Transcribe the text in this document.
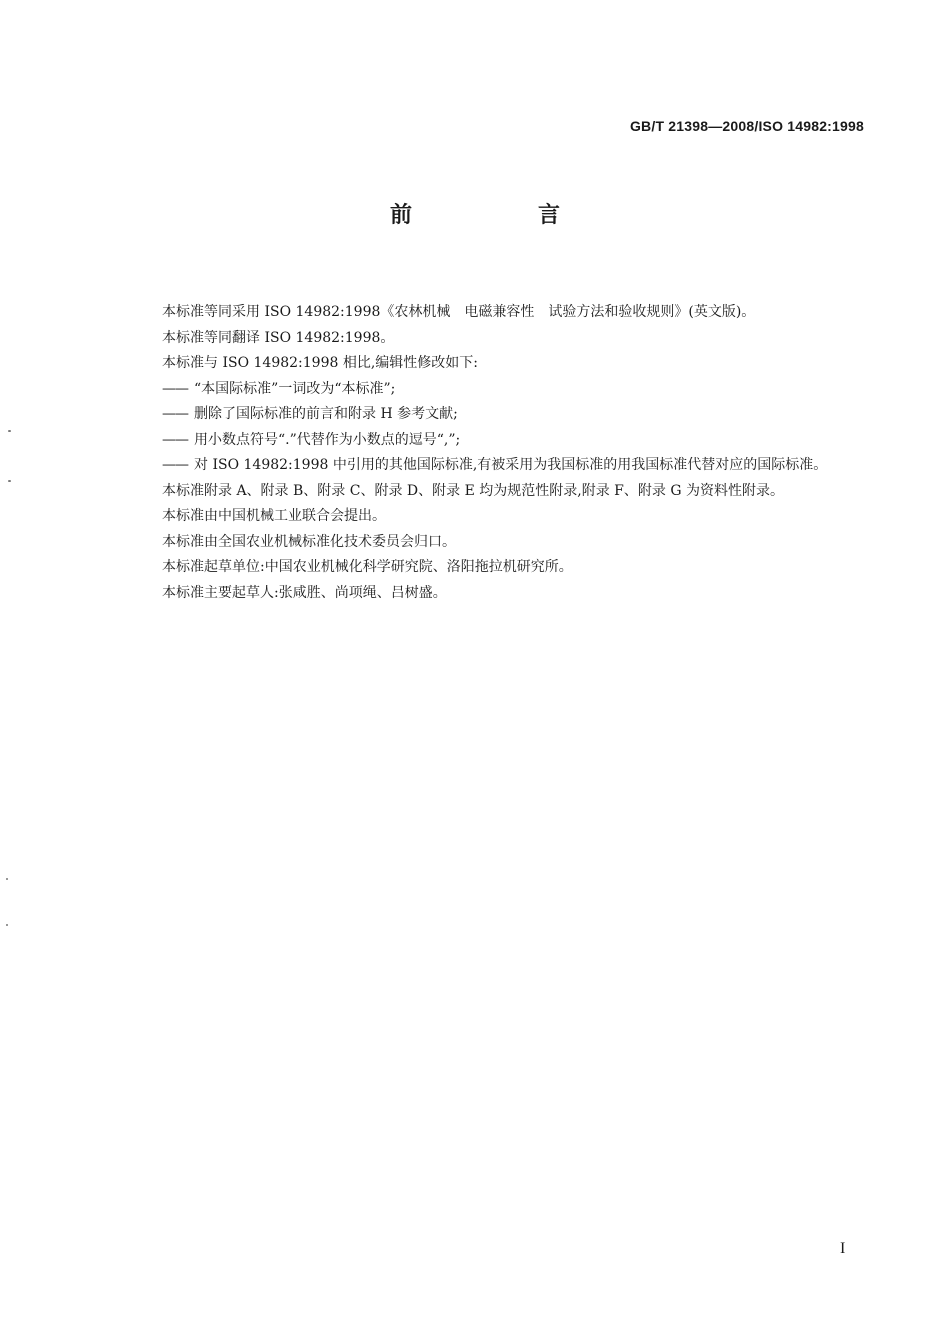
GB/T 21398—2008/ISO 14982:1998
前　言
本标准等同采用 ISO 14982:1998《农林机械　电磁兼容性　试验方法和验收规则》(英文版)。
本标准等同翻译 ISO 14982:1998。
本标准与 ISO 14982:1998 相比,编辑性修改如下:
—— “本国际标准”一词改为“本标准”;
—— 删除了国际标准的前言和附录 H 参考文献;
—— 用小数点符号“.”代替作为小数点的逗号“,”;
—— 对 ISO 14982:1998 中引用的其他国际标准,有被采用为我国标准的用我国标准代替对应的国际标准。
本标准附录 A、附录 B、附录 C、附录 D、附录 E 均为规范性附录,附录 F、附录 G 为资料性附录。
本标准由中国机械工业联合会提出。
本标准由全国农业机械标准化技术委员会归口。
本标准起草单位:中国农业机械化科学研究院、洛阳拖拉机研究所。
本标准主要起草人:张咸胜、尚项绳、吕树盛。
I
